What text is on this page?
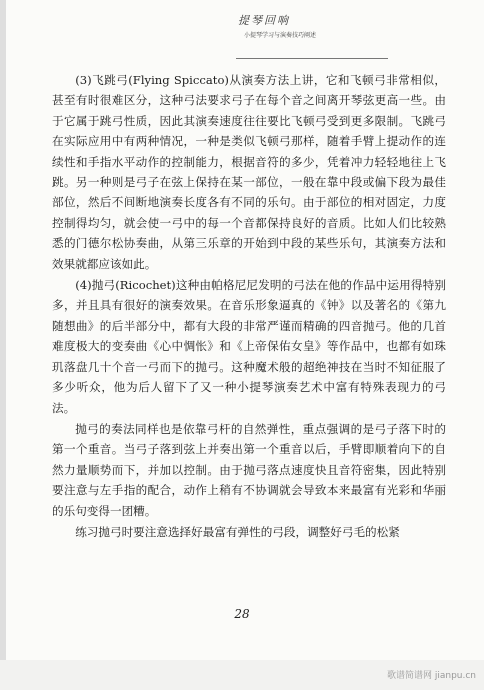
提琴回响
小提琴学习与演奏技巧阐述

(3)飞跳弓(Flying Spiccato)从演奏方法上讲，它和飞顿弓非常相似，甚至有时很难区分，这种弓法要求弓子在每个音之间离开琴弦更高一些。由于它属于跳弓性质，因此其演奏速度往往要比飞顿弓受到更多限制。飞跳弓在实际应用中有两种情况，一种是类似飞顿弓那样，随着手臂上提动作的连续性和手指水平动作的控制能力，根据音符的多少，凭着冲力轻轻地往上飞跳。另一种则是弓子在弦上保持在某一部位，一般在靠中段或偏下段为最佳部位，然后不间断地演奏长度各有不同的乐句。由于部位的相对固定，力度控制得均匀，就会使一弓中的每一个音都保持良好的音质。比如人们比较熟悉的门德尔松协奏曲，从第三乐章的开始到中段的某些乐句，其演奏方法和效果就都应该如此。

(4)抛弓(Ricochet)这种由帕格尼尼发明的弓法在他的作品中运用得特别多，并且具有很好的演奏效果。在音乐形象逼真的《钟》以及著名的《第九随想曲》的后半部分中，都有大段的非常严谨而精确的四音抛弓。他的几首难度极大的变奏曲《心中惆怅》和《上帝保佑女皇》等作品中，也都有如珠玑落盘几十个音一弓而下的抛弓。这种魔术般的超绝神技在当时不知征服了多少听众，他为后人留下了又一种小提琴演奏艺术中富有特殊表现力的弓法。

抛弓的奏法同样也是依靠弓杆的自然弹性，重点强调的是弓子落下时的第一个重音。当弓子落到弦上并奏出第一个重音以后，手臂即顺着向下的自然力量顺势而下，并加以控制。由于抛弓落点速度快且音符密集，因此特别要注意与左手指的配合，动作上稍有不协调就会导致本来最富有光彩和华丽的乐句变得一团糟。

练习抛弓时要注意选择好最富有弹性的弓段，调整好弓毛的松紧

28
歌谱简谱网 jianpu.cn
